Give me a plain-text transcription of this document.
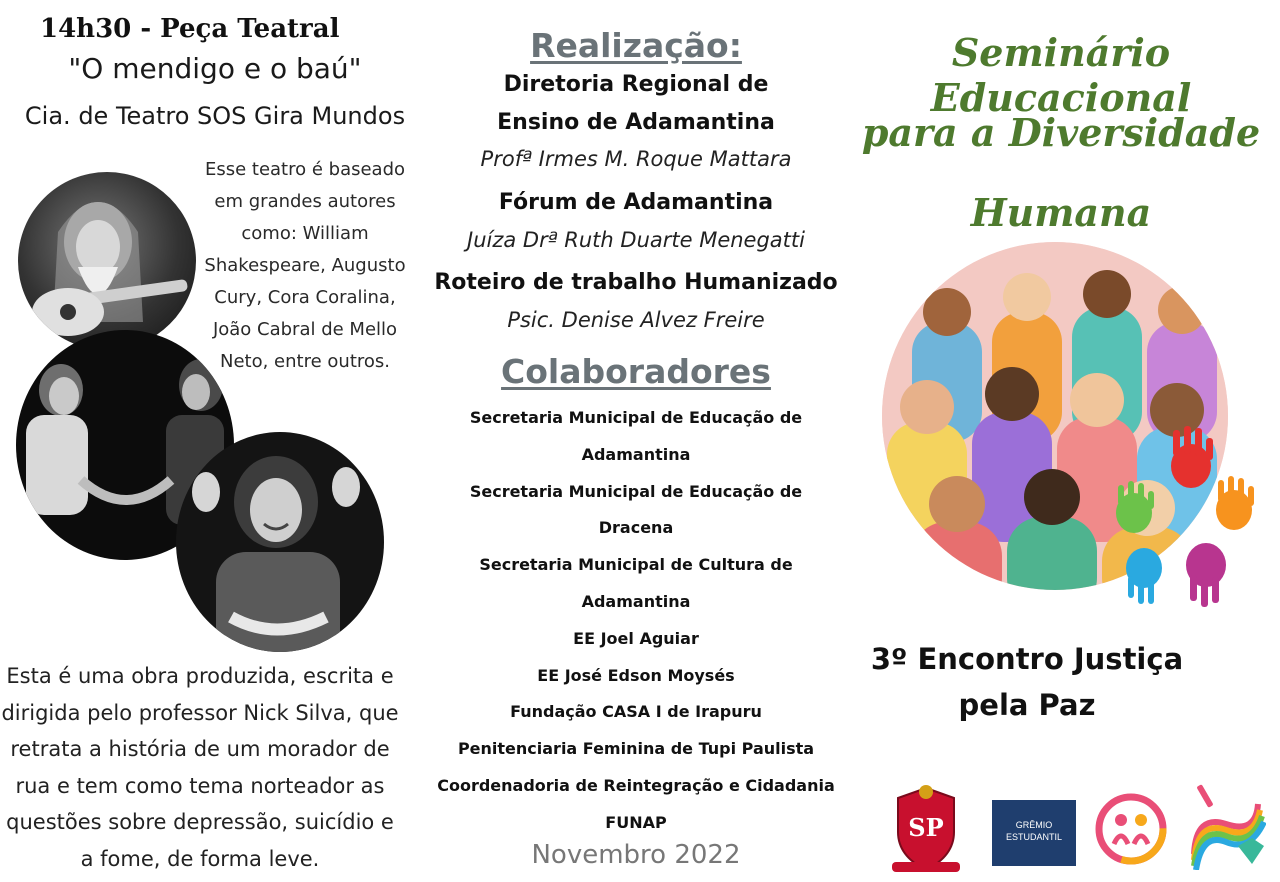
14h30 - Peça Teatral
"O mendigo e o baú"
Cia. de Teatro SOS Gira Mundos
Esse teatro é baseado
em grandes autores
como: William
Shakespeare, Augusto
Cury, Cora Coralina,
João Cabral de Mello
Neto, entre outros.
Esta é uma obra produzida, escrita e
dirigida pelo professor Nick Silva, que
retrata a história de um morador de
rua e tem como tema norteador as
questões sobre depressão, suicídio e
a fome, de forma leve.
Realização:
Diretoria Regional de
Ensino de Adamantina
Profª Irmes M. Roque Mattara
Fórum de Adamantina
Juíza Drª Ruth Duarte Menegatti
Roteiro de trabalho Humanizado
Psic. Denise Alvez Freire
Colaboradores
Secretaria Municipal de Educação de
Adamantina
Secretaria Municipal de Educação de
Dracena
Secretaria Municipal de Cultura de
Adamantina
EE Joel Aguiar
EE José Edson Moysés
Fundação CASA I de Irapuru
Penitenciaria Feminina de Tupi Paulista
Coordenadoria de Reintegração e Cidadania
FUNAP
Novembro 2022
Seminário Educacional
para a Diversidade
Humana
3º Encontro Justiça
pela Paz
SP	GRÊMIO
ESTUDANTIL
